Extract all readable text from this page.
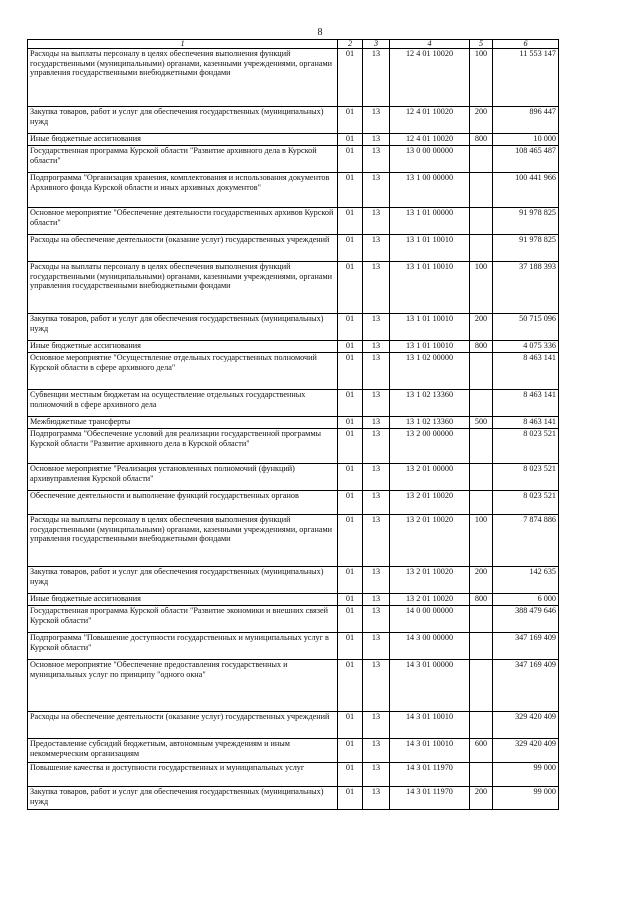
8
1	2	3	4	5	6
Расходы на выплаты персоналу в целях обеспечения выполнения функций государственными (муниципальными) органами, казенными учреждениями, органами управления государственными внебюджетными фондами	01	13	12 4 01 10020	100	11 553 147
Закупка товаров, работ и услуг для обеспечения государственных (муниципальных) нужд	01	13	12 4 01 10020	200	896 447
Иные бюджетные ассигнования	01	13	12 4 01 10020	800	10 000
Государственная программа Курской области "Развитие архивного дела в Курской области"	01	13	13 0 00 00000		108 465 487
Подпрограмма "Организация хранения, комплектования и использования документов Архивного фонда Курской области и иных архивных документов"	01	13	13 1 00 00000		100 441 966
Основное мероприятие "Обеспечение деятельности государственных архивов Курской области"	01	13	13 1 01 00000		91 978 825
Расходы на обеспечение деятельности (оказание услуг) государственных учреждений	01	13	13 1 01 10010		91 978 825
Расходы на выплаты персоналу в целях обеспечения выполнения функций государственными (муниципальными) органами, казенными учреждениями, органами управления государственными внебюджетными фондами	01	13	13 1 01 10010	100	37 188 393
Закупка товаров, работ и услуг для обеспечения государственных (муниципальных) нужд	01	13	13 1 01 10010	200	50 715 096
Иные бюджетные ассигнования	01	13	13 1 01 10010	800	4 075 336
Основное мероприятие "Осуществление отдельных государственных полномочий Курской области в сфере архивного дела"	01	13	13 1 02 00000		8 463 141
Субвенции местным бюджетам на осуществление отдельных государственных полномочий в сфере архивного дела	01	13	13 1 02 13360		8 463 141
Межбюджетные трансферты	01	13	13 1 02 13360	500	8 463 141
Подпрограмма "Обеспечение условий для реализации государственной программы Курской области "Развитие архивного дела в Курской области"	01	13	13 2 00 00000		8 023 521
Основное мероприятие "Реализация установленных полномочий (функций) архивуправления Курской области"	01	13	13 2 01 00000		8 023 521
Обеспечение деятельности и выполнение функций государственных органов	01	13	13 2 01 10020		8 023 521
Расходы на выплаты персоналу в целях обеспечения выполнения функций государственными (муниципальными) органами, казенными учреждениями, органами управления государственными внебюджетными фондами	01	13	13 2 01 10020	100	7 874 886
Закупка товаров, работ и услуг для обеспечения государственных (муниципальных) нужд	01	13	13 2 01 10020	200	142 635
Иные бюджетные ассигнования	01	13	13 2 01 10020	800	6 000
Государственная программа Курской области "Развитие экономики и внешних связей Курской области"	01	13	14 0 00 00000		388 479 646
Подпрограмма "Повышение доступности государственных и муниципальных услуг в Курской области"	01	13	14 3 00 00000		347 169 409
Основное мероприятие "Обеспечение предоставления государственных и муниципальных услуг по принципу "одного окна"	01	13	14 3 01 00000		347 169 409
Расходы на обеспечение деятельности (оказание услуг) государственных учреждений	01	13	14 3 01 10010		329 420 409
Предоставление субсидий бюджетным, автономным учреждениям и иным некоммерческим организациям	01	13	14 3 01 10010	600	329 420 409
Повышение качества и доступности государственных и муниципальных услуг	01	13	14 3 01 11970		99 000
Закупка товаров, работ и услуг для обеспечения государственных (муниципальных) нужд	01	13	14 3 01 11970	200	99 000
